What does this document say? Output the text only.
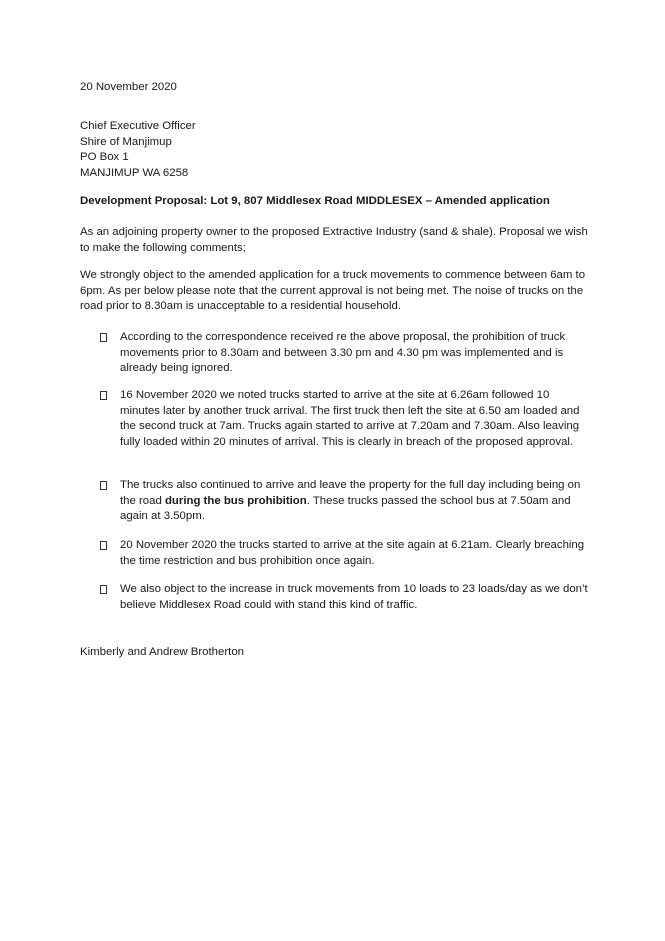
20 November 2020
Chief Executive Officer
Shire of Manjimup
PO Box 1
MANJIMUP WA 6258
Development Proposal: Lot 9, 807 Middlesex Road MIDDLESEX – Amended application
As an adjoining property owner to the proposed Extractive Industry (sand & shale). Proposal we wish to make the following comments;
We strongly object to the amended application for a truck movements to commence between 6am to 6pm. As per below please note that the current approval is not being met. The noise of trucks on the road prior to 8.30am is unacceptable to a residential household.
According to the correspondence received re the above proposal, the prohibition of truck movements prior to 8.30am and between 3.30 pm and 4.30 pm was implemented and is already being ignored.
16 November 2020 we noted trucks started to arrive at the site at 6.26am followed 10 minutes later by another truck arrival. The first truck then left the site at 6.50 am loaded and the second truck at 7am. Trucks again started to arrive at 7.20am and 7.30am. Also leaving fully loaded within 20 minutes of arrival. This is clearly in breach of the proposed approval.
The trucks also continued to arrive and leave the property for the full day including being on the road during the bus prohibition. These trucks passed the school bus at 7.50am and again at 3.50pm.
20 November 2020 the trucks started to arrive at the site again at 6.21am. Clearly breaching the time restriction and bus prohibition once again.
We also object to the increase in truck movements from 10 loads to 23 loads/day as we don’t believe Middlesex Road could with stand this kind of traffic.
Kimberly and Andrew Brotherton
